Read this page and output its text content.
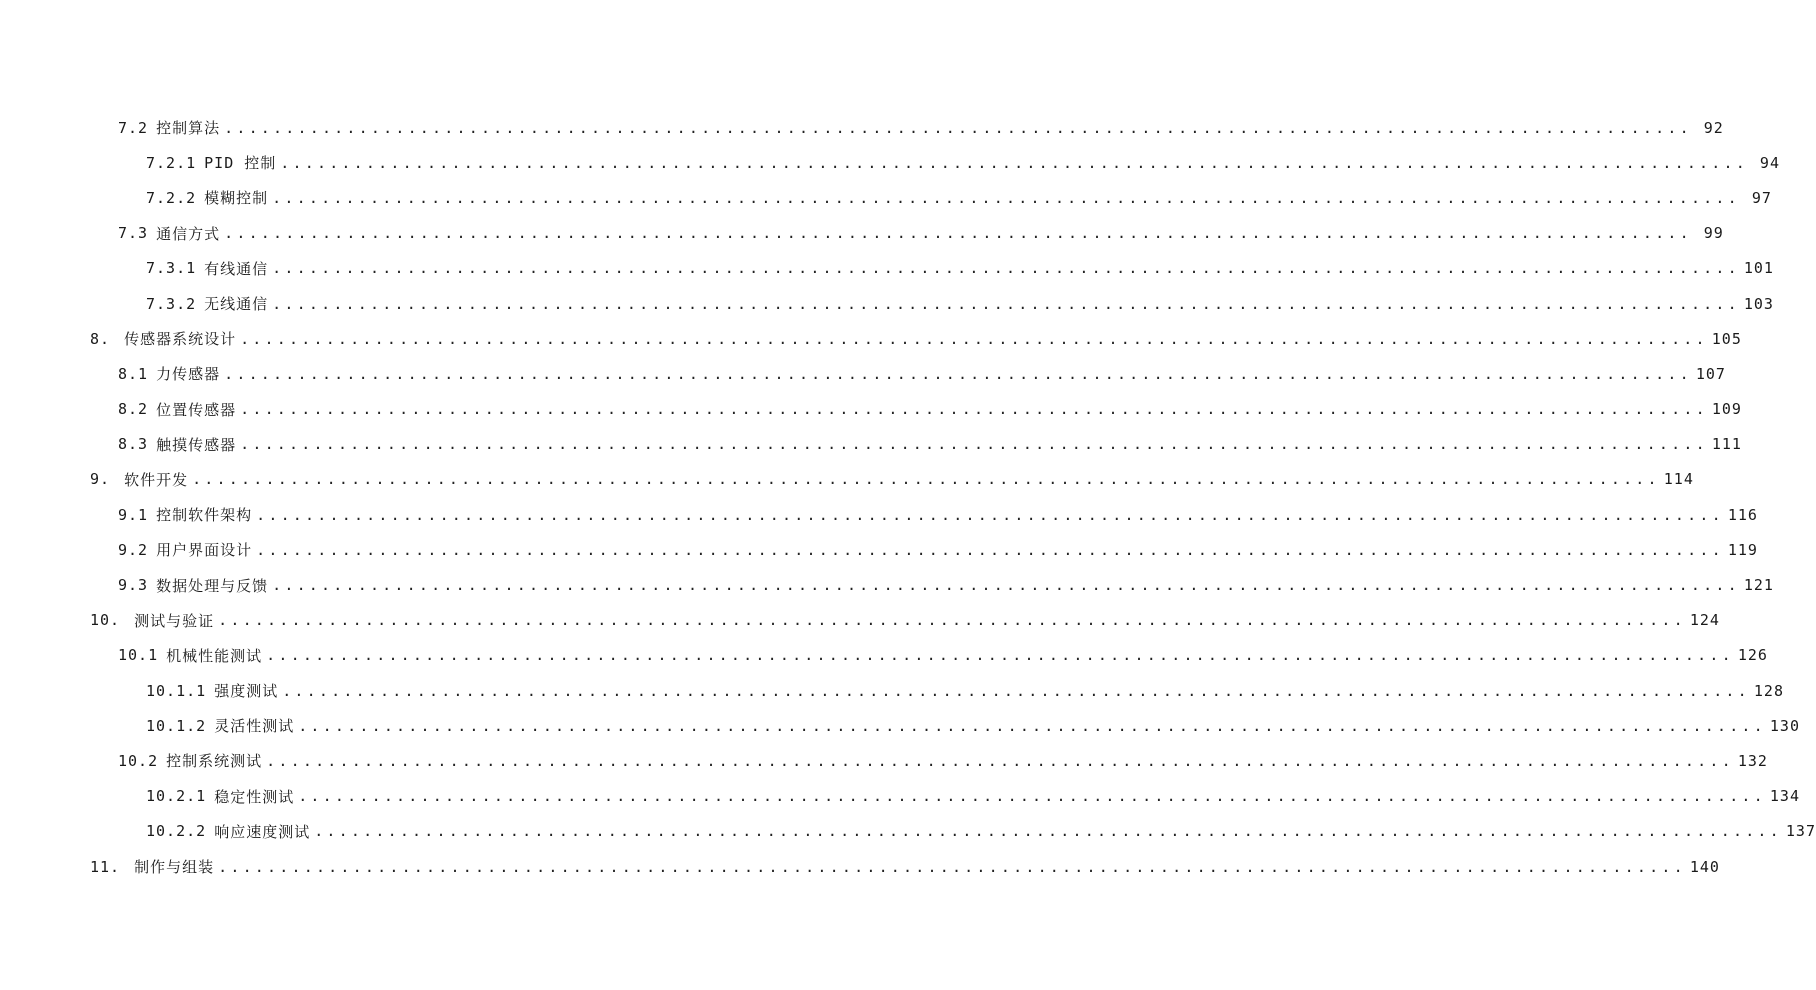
7.2 控制算法 ........................................................................................................................ 92
7.2.1 PID 控制 ........................................................................................................................ 94
7.2.2 模糊控制 ........................................................................................................................ 97
7.3 通信方式 ........................................................................................................................ 99
7.3.1 有线通信 ........................................................................................................................ 101
7.3.2 无线通信 ........................................................................................................................ 103
8. 传感器系统设计 ........................................................................................................................ 105
8.1 力传感器 ........................................................................................................................ 107
8.2 位置传感器 ........................................................................................................................ 109
8.3 触摸传感器 ........................................................................................................................ 111
9. 软件开发 ........................................................................................................................ 114
9.1 控制软件架构 ........................................................................................................................ 116
9.2 用户界面设计 ........................................................................................................................ 119
9.3 数据处理与反馈 ........................................................................................................................ 121
10. 测试与验证 ........................................................................................................................ 124
10.1 机械性能测试 ........................................................................................................................ 126
10.1.1 强度测试 ........................................................................................................................ 128
10.1.2 灵活性测试 ........................................................................................................................ 130
10.2 控制系统测试 ........................................................................................................................ 132
10.2.1 稳定性测试 ........................................................................................................................ 134
10.2.2 响应速度测试 ........................................................................................................................ 137
11. 制作与组装 ........................................................................................................................ 140
